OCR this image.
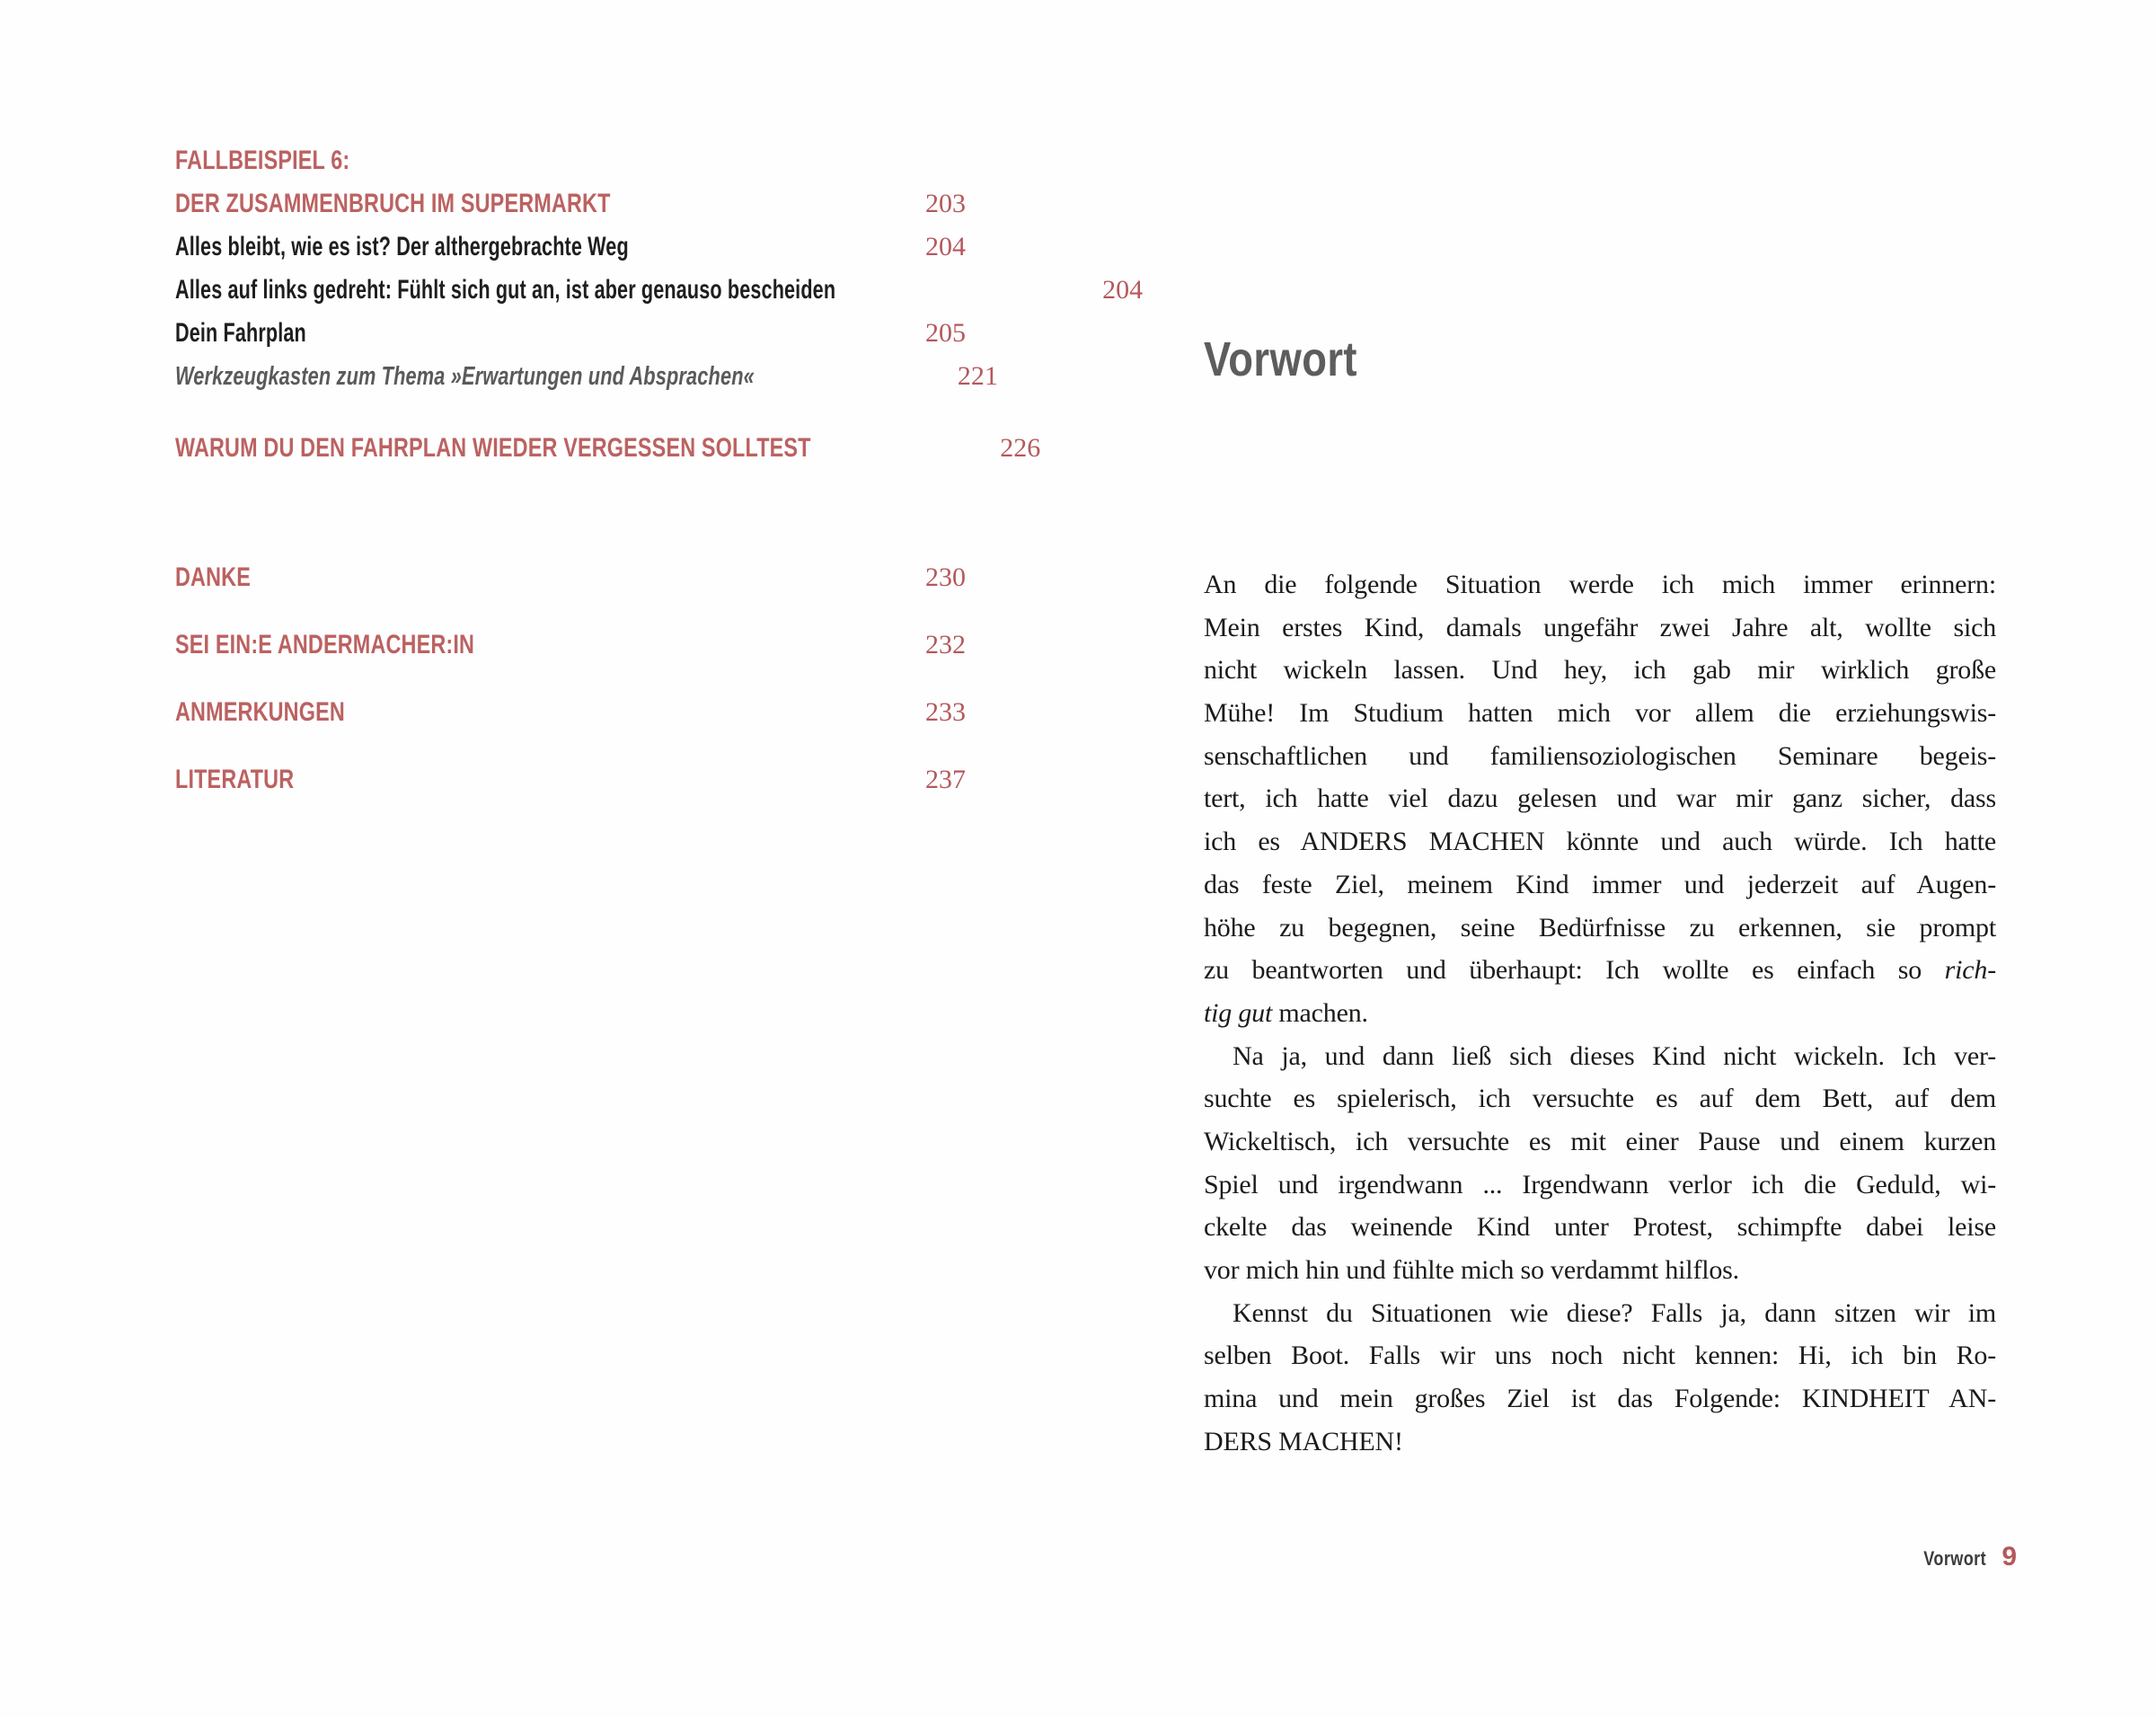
FALLBEISPIEL 6:
DER ZUSAMMENBRUCH IM SUPERMARKT	203
Alles bleibt, wie es ist? Der althergebrachte Weg	204
Alles auf links gedreht: Fühlt sich gut an, ist aber genauso bescheiden	204
Dein Fahrplan	205
Werkzeugkasten zum Thema »Erwartungen und Absprachen«	221
WARUM DU DEN FAHRPLAN WIEDER VERGESSEN SOLLTEST	226
DANKE	230
SEI EIN:E ANDERMACHER:IN	232
ANMERKUNGEN	233
LITERATUR	237
Vorwort
An die folgende Situation werde ich mich immer erinnern:
Mein erstes Kind, damals ungefähr zwei Jahre alt, wollte sich
nicht wickeln lassen. Und hey, ich gab mir wirklich große
Mühe! Im Studium hatten mich vor allem die erziehungswis-
senschaftlichen und familiensoziologischen Seminare begeis-
tert, ich hatte viel dazu gelesen und war mir ganz sicher, dass
ich es ANDERS MACHEN könnte und auch würde. Ich hatte
das feste Ziel, meinem Kind immer und jederzeit auf Augen-
höhe zu begegnen, seine Bedürfnisse zu erkennen, sie prompt
zu beantworten und überhaupt: Ich wollte es einfach so rich-
tig gut machen.
Na ja, und dann ließ sich dieses Kind nicht wickeln. Ich ver-
suchte es spielerisch, ich versuchte es auf dem Bett, auf dem
Wickeltisch, ich versuchte es mit einer Pause und einem kurzen
Spiel und irgendwann ... Irgendwann verlor ich die Geduld, wi-
ckelte das weinende Kind unter Protest, schimpfte dabei leise
vor mich hin und fühlte mich so verdammt hilflos.
Kennst du Situationen wie diese? Falls ja, dann sitzen wir im
selben Boot. Falls wir uns noch nicht kennen: Hi, ich bin Ro-
mina und mein großes Ziel ist das Folgende: KINDHEIT AN-
DERS MACHEN!
Vorwort 9
